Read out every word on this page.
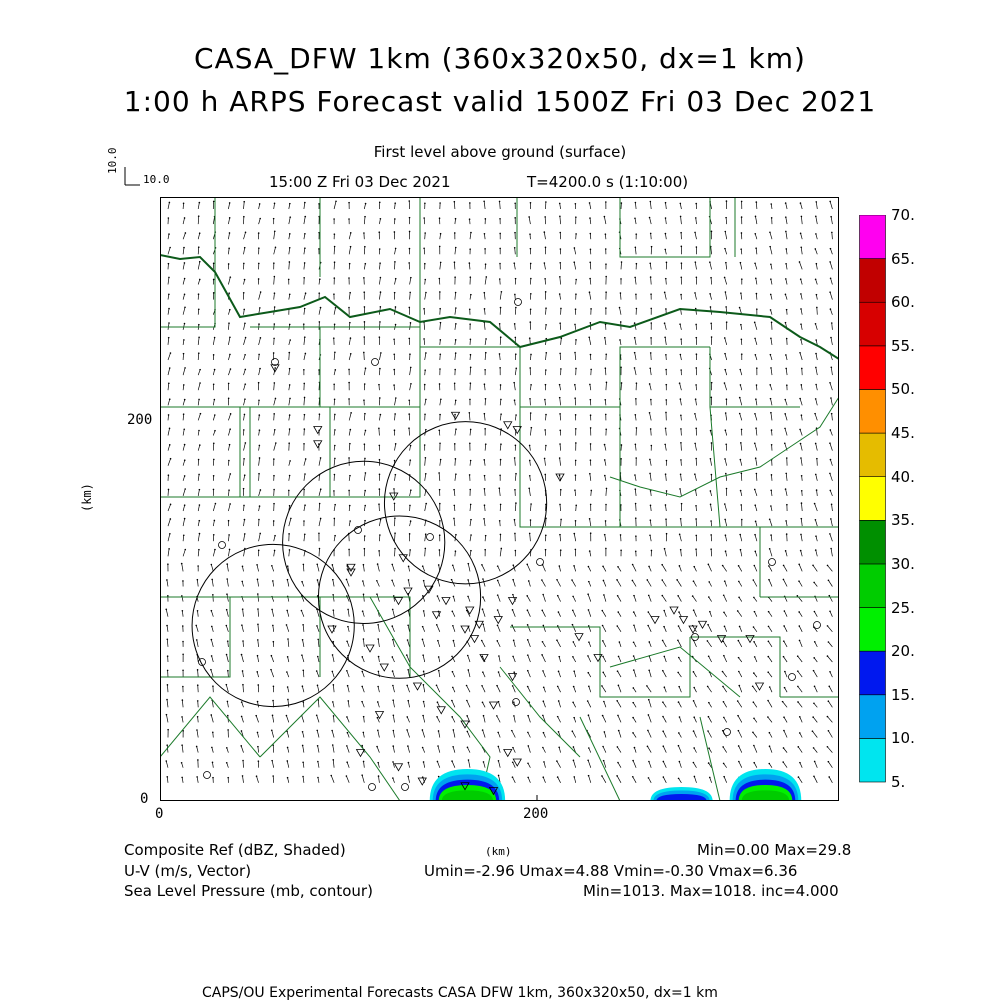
CASA_DFW 1km (360x320x50, dx=1 km)
1:00 h ARPS Forecast valid 1500Z Fri 03 Dec 2021
First level above ground (surface)
15:00 Z Fri 03 Dec 2021	T=4200.0 s (1:10:00)
10.0
10.0
200
0
0	200
(km)
5.
10.
15.
20.
25.
30.
35.
40.
45.
50.
55.
60.
65.
70.
Composite Ref (dBZ, Shaded)
U-V (m/s, Vector)
Sea Level Pressure (mb, contour)
(km)	Min=0.00 Max=29.8
Umin=-2.96 Umax=4.88 Vmin=-0.30 Vmax=6.36
Min=1013. Max=1018. inc=4.000
CAPS/OU Experimental Forecasts CASA DFW 1km, 360x320x50, dx=1 km
